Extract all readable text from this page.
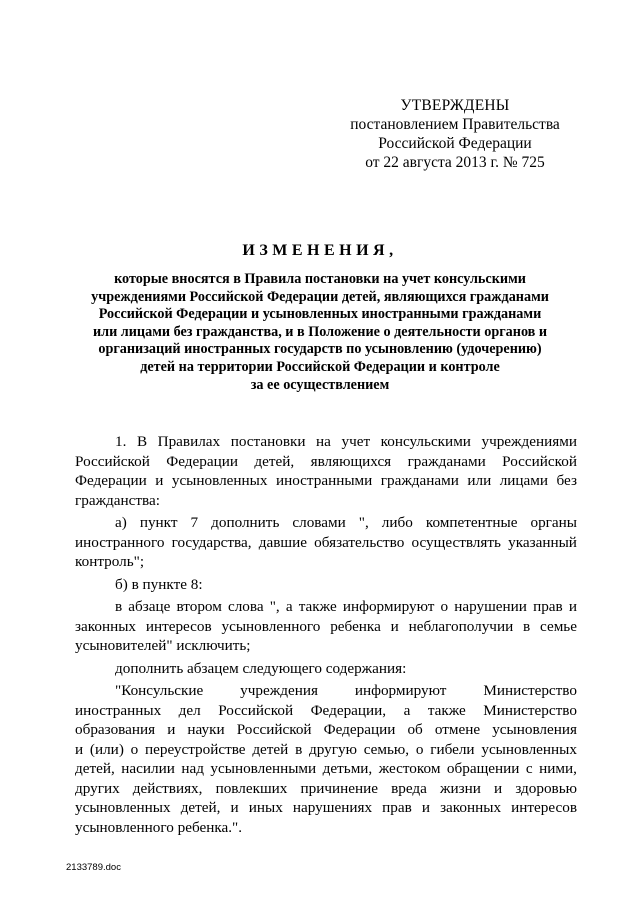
УТВЕРЖДЕНЫ
постановлением Правительства
Российской Федерации
от 22 августа 2013 г. № 725
ИЗМЕНЕНИЯ,
которые вносятся в Правила постановки на учет консульскими
учреждениями Российской Федерации детей, являющихся гражданами
Российской Федерации и усыновленных иностранными гражданами
или лицами без гражданства, и в Положение о деятельности органов и
организаций иностранных государств по усыновлению (удочерению)
детей на территории Российской Федерации и контроле
за ее осуществлением
1. В Правилах постановки на учет консульскими учреждениями
Российской Федерации детей, являющихся гражданами Российской
Федерации и усыновленных иностранными гражданами или лицами без
гражданства:
а) пункт 7 дополнить словами ", либо компетентные органы
иностранного государства, давшие обязательство осуществлять указанный
контроль";
б) в пункте 8:
в абзаце втором слова ", а также информируют о нарушении прав и
законных интересов усыновленного ребенка и неблагополучии в семье
усыновителей" исключить;
дополнить абзацем следующего содержания:
"Консульские учреждения информируют Министерство
иностранных дел Российской Федерации, а также Министерство
образования и науки Российской Федерации об отмене усыновления
и (или) о переустройстве детей в другую семью, о гибели усыновленных
детей, насилии над усыновленными детьми, жестоком обращении с ними,
других действиях, повлекших причинение вреда жизни и здоровью
усыновленных детей, и иных нарушениях прав и законных интересов
усыновленного ребенка.".
2133789.doc
